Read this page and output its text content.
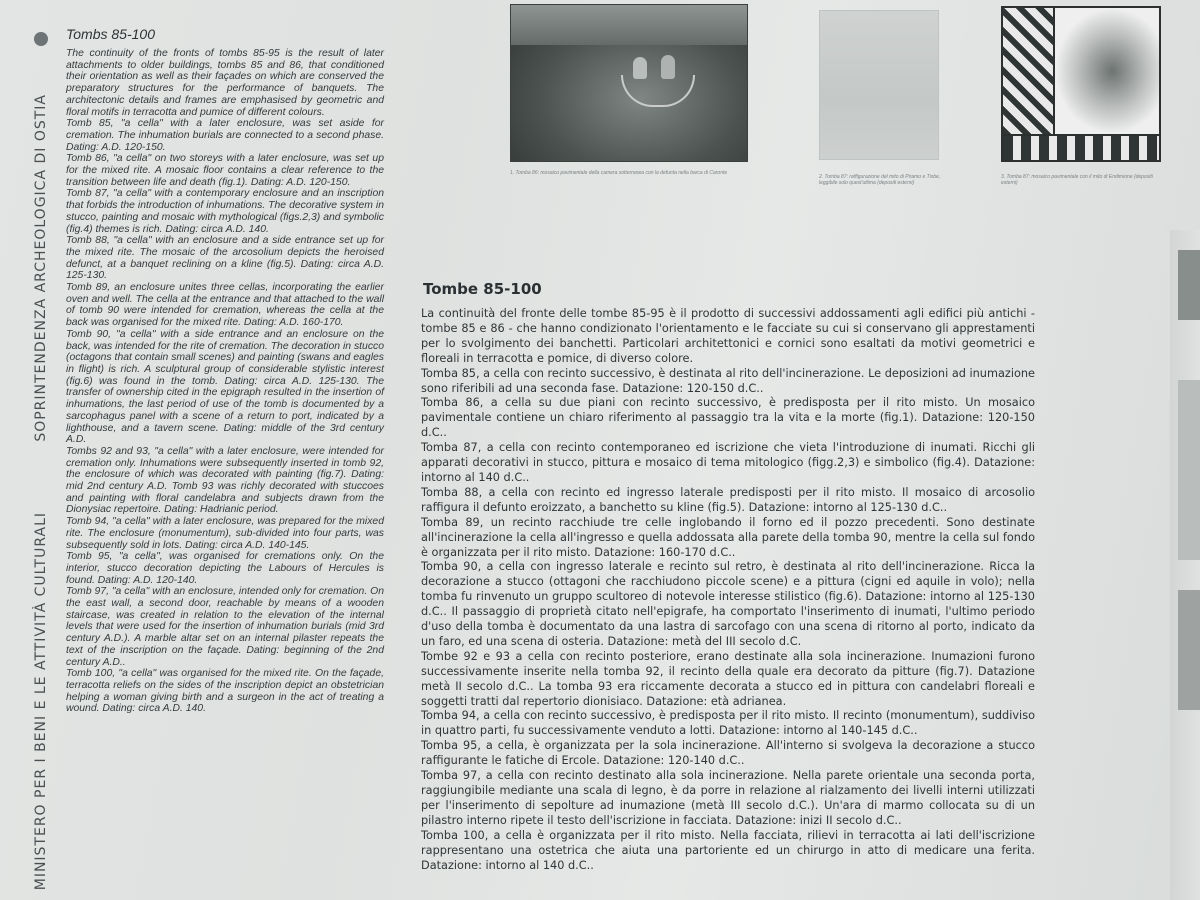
SOPRINTENDENZA ARCHEOLOGICA DI OSTIA
MINISTERO PER I BENI E LE ATTIVITÀ CULTURALI
Tombs 85-100

The continuity of the fronts of tombs 85-95 is the result of later attachments to older buildings, tombs 85 and 86, that conditioned their orientation as well as their façades on which are conserved the preparatory structures for the performance of banquets. The architectonic details and frames are emphasised by geometric and floral motifs in terracotta and pumice of different colours.

Tomb 85, "a cella" with a later enclosure, was set aside for cremation. The inhumation burials are connected to a second phase. Dating: A.D. 120-150.

Tomb 86, "a cella" on two storeys with a later enclosure, was set up for the mixed rite. A mosaic floor contains a clear reference to the transition between life and death (fig.1). Dating: A.D. 120-150.

Tomb 87, "a cella" with a contemporary enclosure and an inscription that forbids the introduction of inhumations. The decorative system in stucco, painting and mosaic with mythological (figs.2,3) and symbolic (fig.4) themes is rich. Dating: circa A.D. 140.

Tomb 88, "a cella" with an enclosure and a side entrance set up for the mixed rite. The mosaic of the arcosolium depicts the heroised defunct, at a banquet reclining on a kline (fig.5). Dating: circa A.D. 125-130.

Tomb 89, an enclosure unites three cellas, incorporating the earlier oven and well. The cella at the entrance and that attached to the wall of tomb 90 were intended for cremation, whereas the cella at the back was organised for the mixed rite. Dating: A.D. 160-170.

Tomb 90, "a cella" with a side entrance and an enclosure on the back, was intended for the rite of cremation. The decoration in stucco (octagons that contain small scenes) and painting (swans and eagles in flight) is rich. A sculptural group of considerable stylistic interest (fig.6) was found in the tomb. Dating: circa A.D. 125-130. The transfer of ownership cited in the epigraph resulted in the insertion of inhumations, the last period of use of the tomb is documented by a sarcophagus panel with a scene of a return to port, indicated by a lighthouse, and a tavern scene. Dating: middle of the 3rd century A.D.

Tombs 92 and 93, "a cella" with a later enclosure, were intended for cremation only. Inhumations were subsequently inserted in tomb 92, the enclosure of which was decorated with painting (fig.7). Dating: mid 2nd century A.D. Tomb 93 was richly decorated with stuccoes and painting with floral candelabra and subjects drawn from the Dionysiac repertoire. Dating: Hadrianic period.

Tomb 94, "a cella" with a later enclosure, was prepared for the mixed rite. The enclosure (monumentum), sub-divided into four parts, was subsequently sold in lots. Dating: circa A.D. 140-145.

Tomb 95, "a cella", was organised for cremations only. On the interior, stucco decoration depicting the Labours of Hercules is found. Dating: A.D. 120-140.

Tomb 97, "a cella" with an enclosure, intended only for cremation. On the east wall, a second door, reachable by means of a wooden staircase, was created in relation to the elevation of the internal levels that were used for the insertion of inhumation burials (mid 3rd century A.D.). A marble altar set on an internal pilaster repeats the text of the inscription on the façade. Dating: beginning of the 2nd century A.D..

Tomb 100, "a cella" was organised for the mixed rite. On the façade, terracotta reliefs on the sides of the inscription depict an obstetrician helping a woman giving birth and a surgeon in the act of treating a wound. Dating: circa A.D. 140.

1. Tomba 86: mosaico pavimentale della camera sotterranea con la defunta nella barca di Caronte
2. Tomba 87: raffigurazione del mito di Piramo e Tisbe, leggibile solo quest'ultima (depositi esterni)
3. Tomba 87: mosaico pavimentale con il mito di Endimione (depositi esterni)
Tombe 85-100

La continuità del fronte delle tombe 85-95 è il prodotto di successivi addossamenti agli edifici più antichi - tombe 85 e 86 - che hanno condizionato l'orientamento e le facciate su cui si conservano gli apprestamenti per lo svolgimento dei banchetti. Particolari architettonici e cornici sono esaltati da motivi geometrici e floreali in terracotta e pomice, di diverso colore.

Tomba 85, a cella con recinto successivo, è destinata al rito dell'incinerazione. Le deposizioni ad inumazione sono riferibili ad una seconda fase. Datazione: 120-150 d.C..

Tomba 86, a cella su due piani con recinto successivo, è predisposta per il rito misto. Un mosaico pavimentale contiene un chiaro riferimento al passaggio tra la vita e la morte (fig.1). Datazione: 120-150 d.C..

Tomba 87, a cella con recinto contemporaneo ed iscrizione che vieta l'introduzione di inumati. Ricchi gli apparati decorativi in stucco, pittura e mosaico di tema mitologico (figg.2,3) e simbolico (fig.4). Datazione: intorno al 140 d.C..

Tomba 88, a cella con recinto ed ingresso laterale predisposti per il rito misto. Il mosaico di arcosolio raffigura il defunto eroizzato, a banchetto su kline (fig.5). Datazione: intorno al 125-130 d.C..

Tomba 89, un recinto racchiude tre celle inglobando il forno ed il pozzo precedenti. Sono destinate all'incinerazione la cella all'ingresso e quella addossata alla parete della tomba 90, mentre la cella sul fondo è organizzata per il rito misto. Datazione: 160-170 d.C..

Tomba 90, a cella con ingresso laterale e recinto sul retro, è destinata al rito dell'incinerazione. Ricca la decorazione a stucco (ottagoni che racchiudono piccole scene) e a pittura (cigni ed aquile in volo); nella tomba fu rinvenuto un gruppo scultoreo di notevole interesse stilistico (fig.6). Datazione: intorno al 125-130 d.C.. Il passaggio di proprietà citato nell'epigrafe, ha comportato l'inserimento di inumati, l'ultimo periodo d'uso della tomba è documentato da una lastra di sarcofago con una scena di ritorno al porto, indicato da un faro, ed una scena di osteria. Datazione: metà del III secolo d.C.

Tombe 92 e 93 a cella con recinto posteriore, erano destinate alla sola incinerazione. Inumazioni furono successivamente inserite nella tomba 92, il recinto della quale era decorato da pitture (fig.7). Datazione metà II secolo d.C.. La tomba 93 era riccamente decorata a stucco ed in pittura con candelabri floreali e soggetti tratti dal repertorio dionisiaco. Datazione: età adrianea.

Tomba 94, a cella con recinto successivo, è predisposta per il rito misto. Il recinto (monumentum), suddiviso in quattro parti, fu successivamente venduto a lotti. Datazione: intorno al 140-145 d.C..

Tomba 95, a cella, è organizzata per la sola incinerazione. All'interno si svolgeva la decorazione a stucco raffigurante le fatiche di Ercole. Datazione: 120-140 d.C..

Tomba 97, a cella con recinto destinato alla sola incinerazione. Nella parete orientale una seconda porta, raggiungibile mediante una scala di legno, è da porre in relazione al rialzamento dei livelli interni utilizzati per l'inserimento di sepolture ad inumazione (metà III secolo d.C.). Un'ara di marmo collocata su di un pilastro interno ripete il testo dell'iscrizione in facciata. Datazione: inizi II secolo d.C..

Tomba 100, a cella è organizzata per il rito misto. Nella facciata, rilievi in terracotta ai lati dell'iscrizione rappresentano una ostetrica che aiuta una partoriente ed un chirurgo in atto di medicare una ferita. Datazione: intorno al 140 d.C..
